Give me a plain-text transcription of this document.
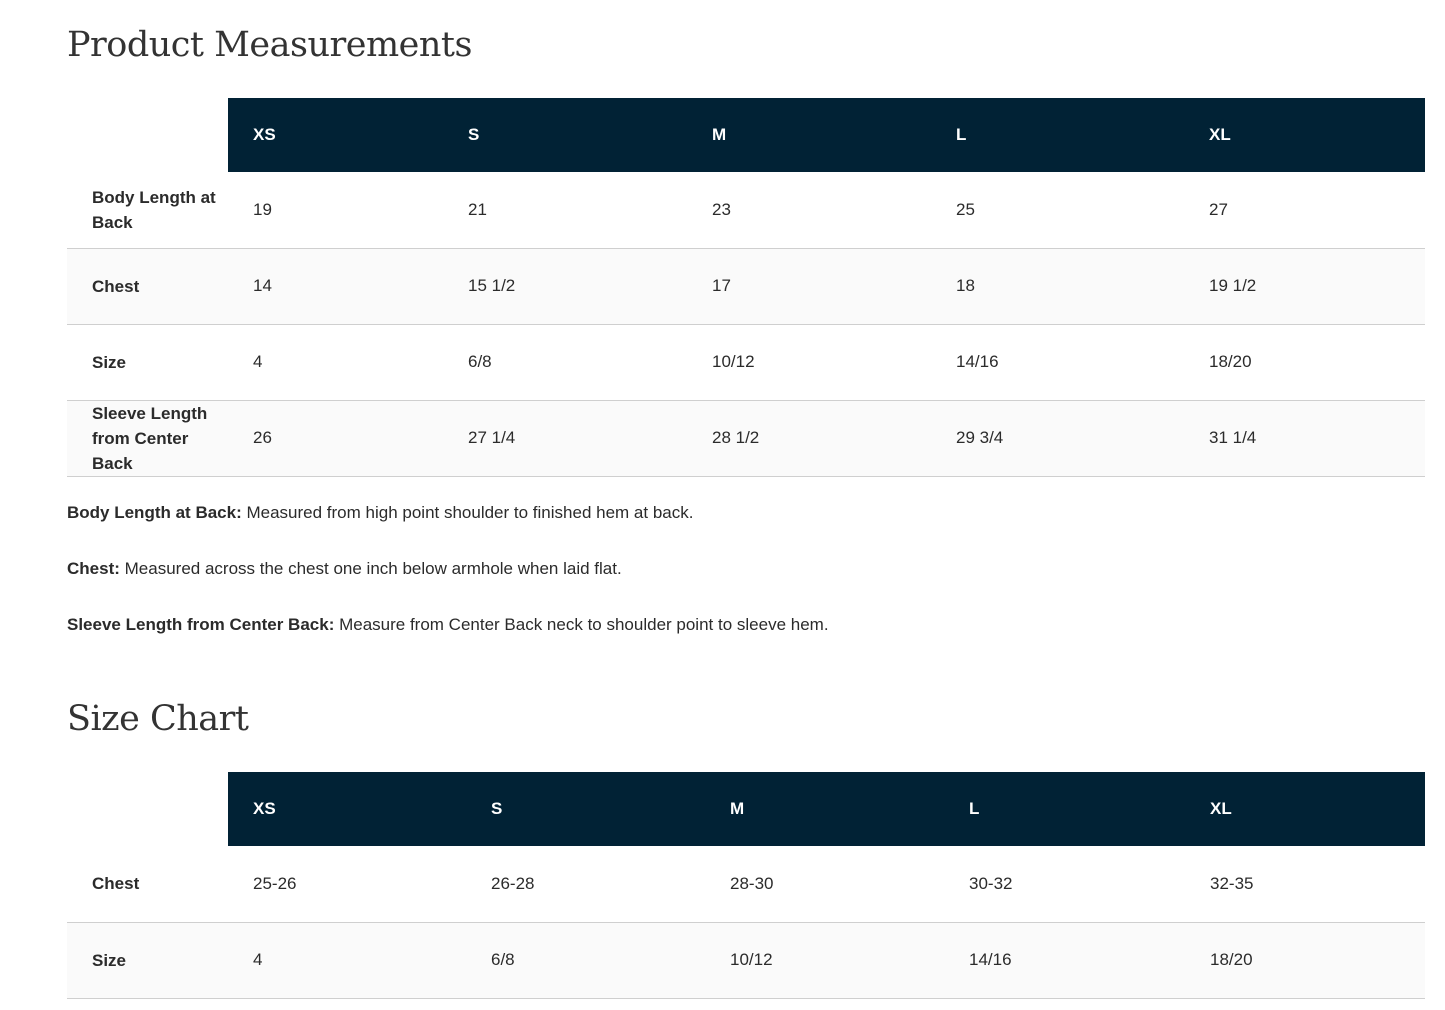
Product Measurements
	XS	S	M	L	XL
Body Length at Back	19	21	23	25	27
Chest	14	15 1/2	17	18	19 1/2
Size	4	6/8	10/12	14/16	18/20
Sleeve Length from Center Back	26	27 1/4	28 1/2	29 3/4	31 1/4

Body Length at Back: Measured from high point shoulder to finished hem at back.

Chest: Measured across the chest one inch below armhole when laid flat.

Sleeve Length from Center Back: Measure from Center Back neck to shoulder point to sleeve hem.

Size Chart
	XS	S	M	L	XL
Chest	25-26	26-28	28-30	30-32	32-35
Size	4	6/8	10/12	14/16	18/20
